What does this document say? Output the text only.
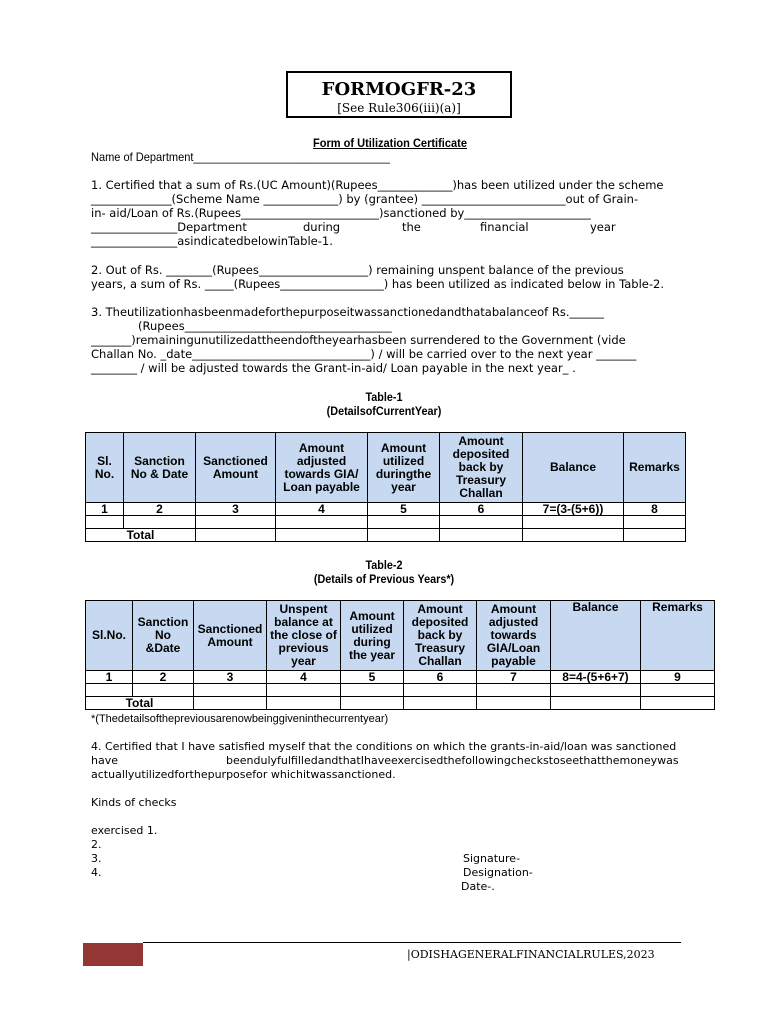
FORMOGFR-23
[See Rule306(iii)(a)]
Form of Utilization Certificate
Name of Department________________________________
1. Certified that a sum of Rs.(UC Amount)(Rupees_____________)has been utilized under the scheme
______________(Scheme Name _____________) by (grantee) _________________________out of Grain-
in- aid/Loan of Rs.(Rupees________________________)sanctioned by______________________
_______________Department	during	the	financial	year
_______________asindicatedbelowinTable-1.
2. Out of Rs. ________(Rupees___________________) remaining unspent balance of the previous
years, a sum of Rs. _____(Rupees__________________) has been utilized as indicated below in Table-2.
3. Theutilizationhasbeenmadeforthepurposeitwassanctionedandthatabalanceof Rs.______
(Rupees____________________________________
_______)remainingunutilizedattheendoftheyearhasbeen surrendered to the Government (vide
Challan No. _date_______________________________) / will be carried over to the next year _______
________ / will be adjusted towards the Grant-in-aid/ Loan payable in the next year_ .
Table-1
(DetailsofCurrentYear)
Sl.
No.	Sanction
No & Date	Sanctioned
Amount	Amount
adjusted
towards GIA/
Loan payable	Amount
utilized
duringthe
year	Amount
deposited
back by
Treasury
Challan	Balance	Remarks
1	2	3	4	5	6	7=(3-(5+6))	8

Total							
Table-2
(Details of Previous Years*)
Sl.No.	Sanction
No
&Date	Sanctioned
Amount	Unspent
balance at
the close of
previous
year	Amount
utilized
during
the year	Amount
deposited
back by
Treasury
Challan	Amount
adjusted
towards
GIA/Loan
payable	Balance	Remarks
1	2	3	4	5	6	7	8=4-(5+6+7)	9

Total								
*(Thedetailsofthepreviousarenowbeinggiveninthecurrentyear)
4. Certified that I have satisfied myself that the conditions on which the grants-in-aid/loan was sanctioned
have	beendulyfulfilledandthatIhaveexercisedthefollowingcheckstoseethatthemoneywas
actuallyutilizedforthepurposefor whichitwassanctioned.
Kinds of checks
exercised 1.
2.
3.
4.
Signature-
Designation-
Date-.
|ODISHAGENERALFINANCIALRULES,2023
